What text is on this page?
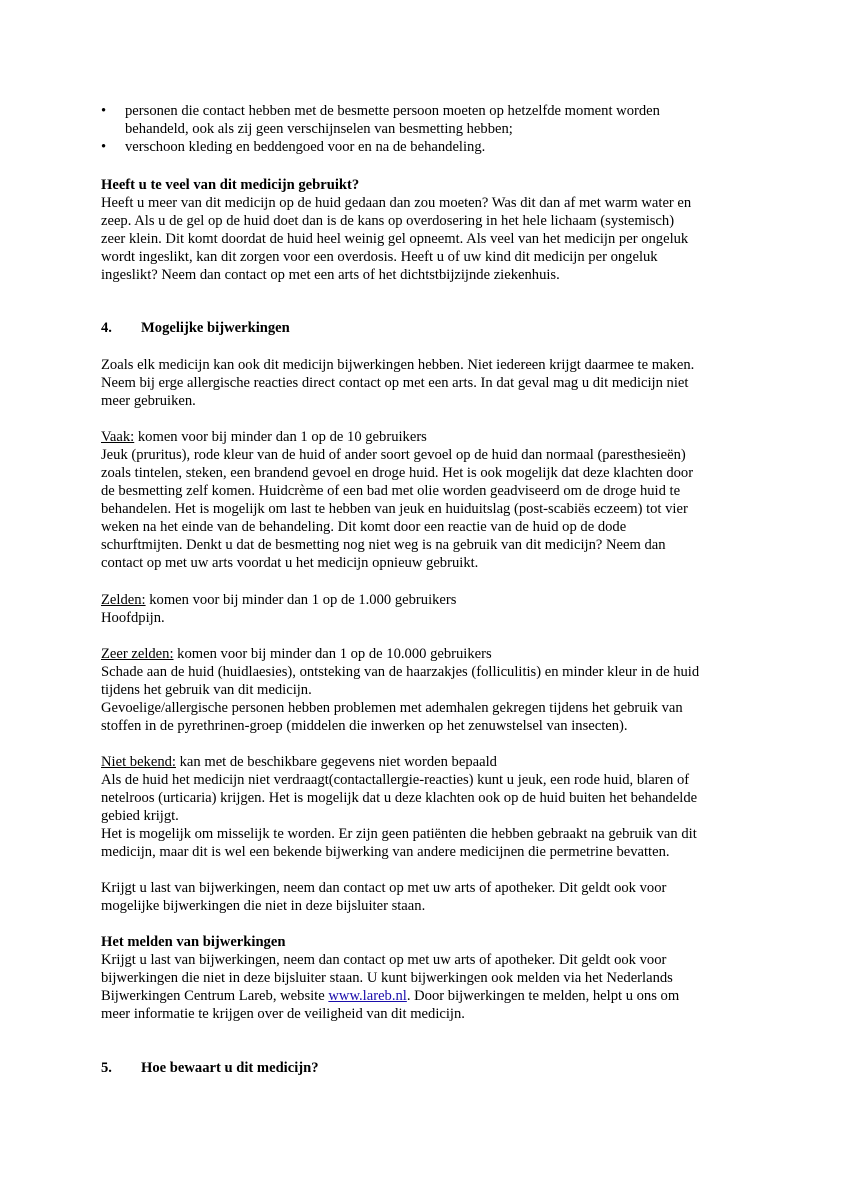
• personen die contact hebben met de besmette persoon moeten op hetzelfde moment worden
behandeld, ook als zij geen verschijnselen van besmetting hebben;
• verschoon kleding en beddengoed voor en na de behandeling.
Heeft u te veel van dit medicijn gebruikt?
Heeft u meer van dit medicijn op de huid gedaan dan zou moeten? Was dit dan af met warm water en
zeep. Als u de gel op de huid doet dan is de kans op overdosering in het hele lichaam (systemisch)
zeer klein. Dit komt doordat de huid heel weinig gel opneemt. Als veel van het medicijn per ongeluk
wordt ingeslikt, kan dit zorgen voor een overdosis. Heeft u of uw kind dit medicijn per ongeluk
ingeslikt? Neem dan contact op met een arts of het dichtstbijzijnde ziekenhuis.
4. Mogelijke bijwerkingen
Zoals elk medicijn kan ook dit medicijn bijwerkingen hebben. Niet iedereen krijgt daarmee te maken.
Neem bij erge allergische reacties direct contact op met een arts. In dat geval mag u dit medicijn niet
meer gebruiken.
Vaak: komen voor bij minder dan 1 op de 10 gebruikers
Jeuk (pruritus), rode kleur van de huid of ander soort gevoel op de huid dan normaal (paresthesieën)
zoals tintelen, steken, een brandend gevoel en droge huid. Het is ook mogelijk dat deze klachten door
de besmetting zelf komen. Huidcrème of een bad met olie worden geadviseerd om de droge huid te
behandelen. Het is mogelijk om last te hebben van jeuk en huiduitslag (post-scabiës eczeem) tot vier
weken na het einde van de behandeling. Dit komt door een reactie van de huid op de dode
schurftmijten. Denkt u dat de besmetting nog niet weg is na gebruik van dit medicijn? Neem dan
contact op met uw arts voordat u het medicijn opnieuw gebruikt.
Zelden: komen voor bij minder dan 1 op de 1.000 gebruikers
Hoofdpijn.
Zeer zelden: komen voor bij minder dan 1 op de 10.000 gebruikers
Schade aan de huid (huidlaesies), ontsteking van de haarzakjes (folliculitis) en minder kleur in de huid
tijdens het gebruik van dit medicijn.
Gevoelige/allergische personen hebben problemen met ademhalen gekregen tijdens het gebruik van
stoffen in de pyrethrinen-groep (middelen die inwerken op het zenuwstelsel van insecten).
Niet bekend: kan met de beschikbare gegevens niet worden bepaald
Als de huid het medicijn niet verdraagt(contactallergie-reacties) kunt u jeuk, een rode huid, blaren of
netelroos (urticaria) krijgen. Het is mogelijk dat u deze klachten ook op de huid buiten het behandelde
gebied krijgt.
Het is mogelijk om misselijk te worden. Er zijn geen patiënten die hebben gebraakt na gebruik van dit
medicijn, maar dit is wel een bekende bijwerking van andere medicijnen die permetrine bevatten.
Krijgt u last van bijwerkingen, neem dan contact op met uw arts of apotheker. Dit geldt ook voor
mogelijke bijwerkingen die niet in deze bijsluiter staan.
Het melden van bijwerkingen
Krijgt u last van bijwerkingen, neem dan contact op met uw arts of apotheker. Dit geldt ook voor
bijwerkingen die niet in deze bijsluiter staan. U kunt bijwerkingen ook melden via het Nederlands
Bijwerkingen Centrum Lareb, website www.lareb.nl. Door bijwerkingen te melden, helpt u ons om
meer informatie te krijgen over de veiligheid van dit medicijn.
5. Hoe bewaart u dit medicijn?
